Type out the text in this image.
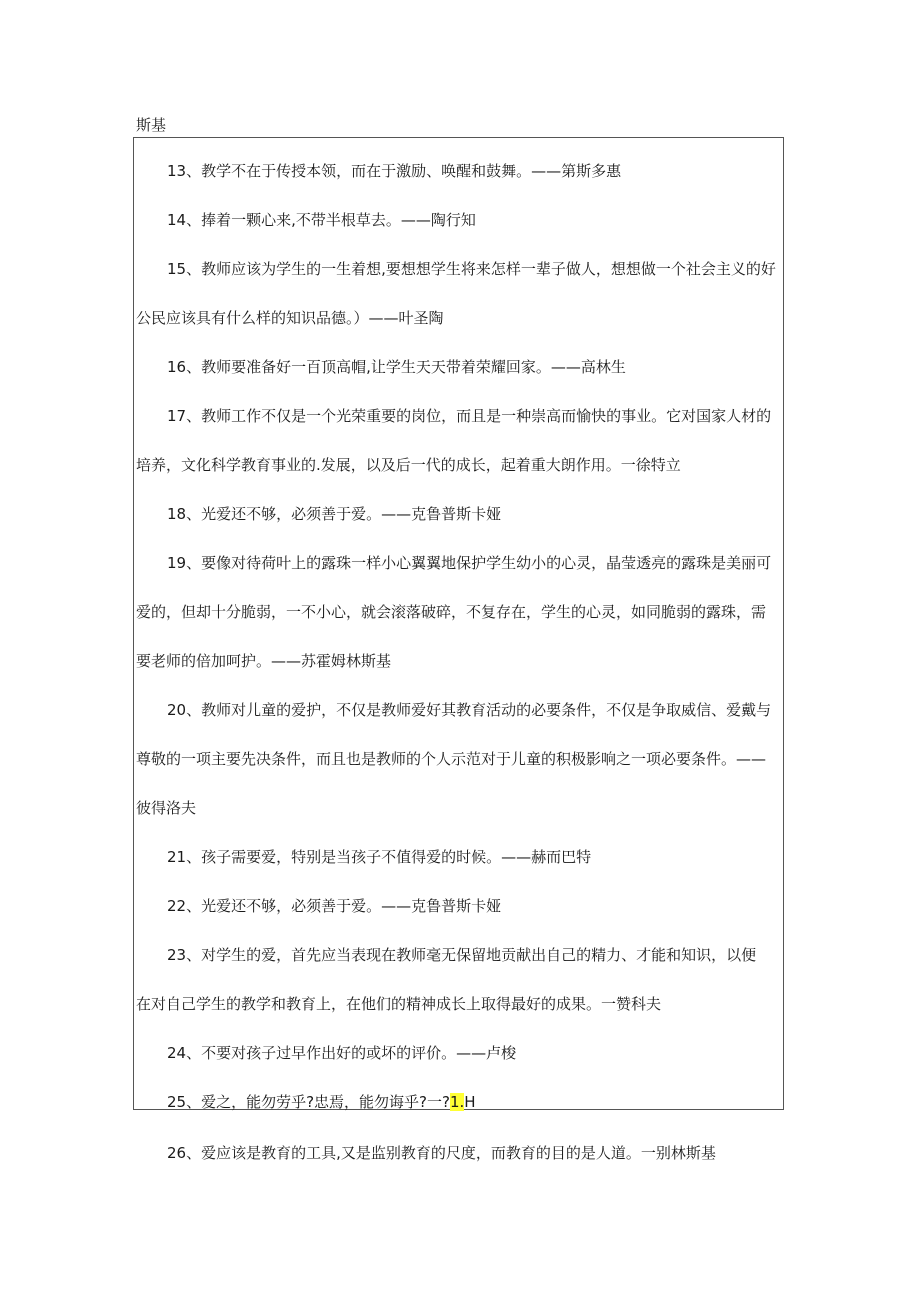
斯基
13、教学不在于传授本领，而在于激励、唤醒和鼓舞。——第斯多惠
14、捧着一颗心来,不带半根草去。——陶行知
15、教师应该为学生的一生着想,要想想学生将来怎样一辈子做人，想想做一个社会主义的好
公民应该具有什么样的知识品德。）——叶圣陶
16、教师要准备好一百顶高帽,让学生天天带着荣耀回家。——高林生
17、教师工作不仅是一个光荣重要的岗位，而且是一种崇高而愉快的事业。它对国家人材的
培养，文化科学教育事业的.发展，以及后一代的成长，起着重大朗作用。一徐特立
18、光爱还不够，必须善于爱。——克鲁普斯卡娅
19、要像对待荷叶上的露珠一样小心翼翼地保护学生幼小的心灵，晶莹透亮的露珠是美丽可
爱的，但却十分脆弱，一不小心，就会滚落破碎，不复存在，学生的心灵，如同脆弱的露珠，需
要老师的倍加呵护。——苏霍姆林斯基
20、教师对儿童的爱护，不仅是教师爱好其教育活动的必要条件，不仅是争取威信、爱戴与
尊敬的一项主要先决条件，而且也是教师的个人示范对于儿童的积极影响之一项必要条件。——
彼得洛夫
21、孩子需要爱，特别是当孩子不值得爱的时候。——赫而巴特
22、光爱还不够，必须善于爱。——克鲁普斯卡娅
23、对学生的爱，首先应当表现在教师毫无保留地贡献出自己的精力、才能和知识，以便
在对自己学生的教学和教育上，在他们的精神成长上取得最好的成果。一赞科夫
24、不要对孩子过早作出好的或坏的评价。——卢梭
25、爱之，能勿劳乎?忠焉，能勿诲乎?一?1.H
26、爱应该是教育的工具,又是监别教育的尺度，而教育的目的是人道。一别林斯基
